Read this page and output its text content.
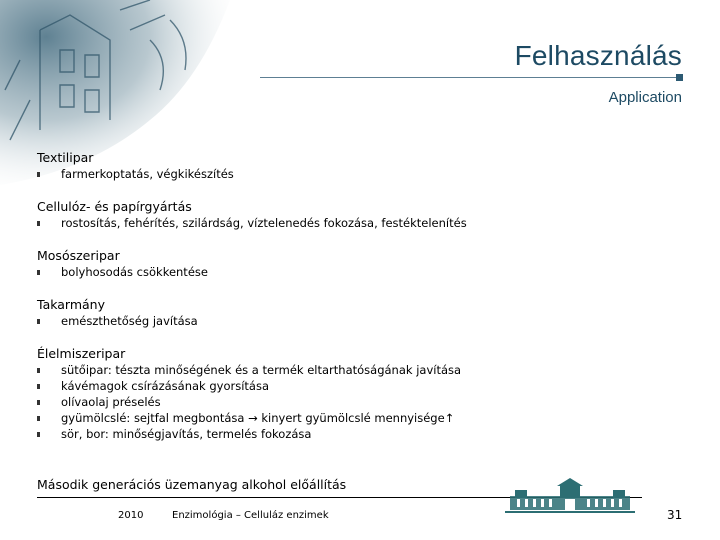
Felhasználás
Application
Textilipar
farmerkoptatás, végkikészítés
Cellulóz- és papírgyártás
rostosítás, fehérítés, szilárdság, víztelenedés fokozása, festéktelenítés
Mosószeripar
bolyhosodás csökkentése
Takarmány
emészthetőség javítása
Élelmiszeripar
sütőipar: tészta minőségének és a termék eltarthatóságának javítása
kávémagok csírázásának gyorsítása
olívaolaj préselés
gyümölcslé: sejtfal megbontása → kinyert gyümölcslé mennyisége↑
sör, bor: minőségjavítás, termelés fokozása
Második generációs üzemanyag alkohol előállítás
2010	Enzimológia – Celluláz enzimek	31
